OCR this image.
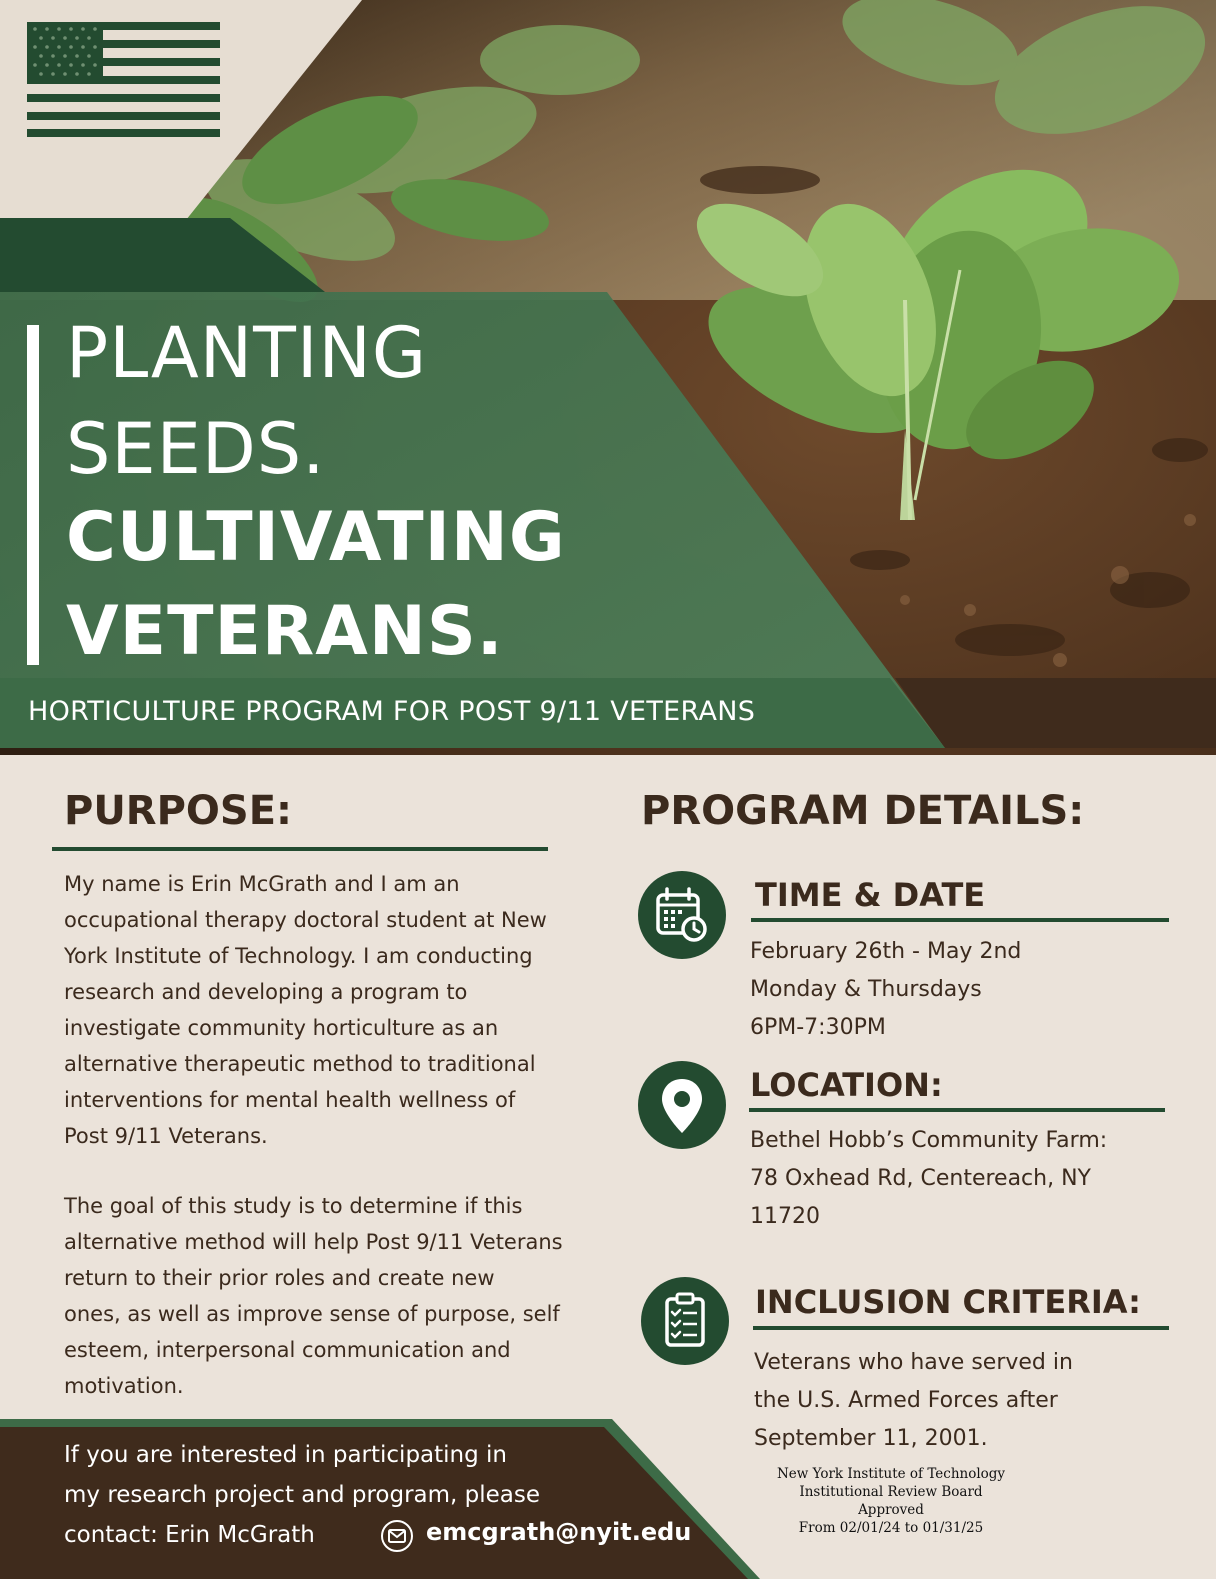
PLANTING
SEEDS.
CULTIVATING
VETERANS.
HORTICULTURE PROGRAM FOR POST 9/11 VETERANS
PURPOSE:
My name is Erin McGrath and I am an
occupational therapy doctoral student at New
York Institute of Technology. I am conducting
research and developing a program to
investigate community horticulture as an
alternative therapeutic method to traditional
interventions for mental health wellness of
Post 9/11 Veterans.
The goal of this study is to determine if this
alternative method will help Post 9/11 Veterans
return to their prior roles and create new
ones, as well as improve sense of purpose, self
esteem, interpersonal communication and
motivation.
PROGRAM DETAILS:
TIME & DATE
February 26th - May 2nd
Monday & Thursdays
6PM-7:30PM
LOCATION:
Bethel Hobb’s Community Farm:
78 Oxhead Rd, Centereach, NY
11720
INCLUSION CRITERIA:
Veterans who have served in
the U.S. Armed Forces after
September 11, 2001.
If you are interested in participating in
my research project and program, please
contact: Erin McGrath	emcgrath@nyit.edu
New York Institute of Technology
Institutional Review Board
Approved
From 02/01/24 to 01/31/25
